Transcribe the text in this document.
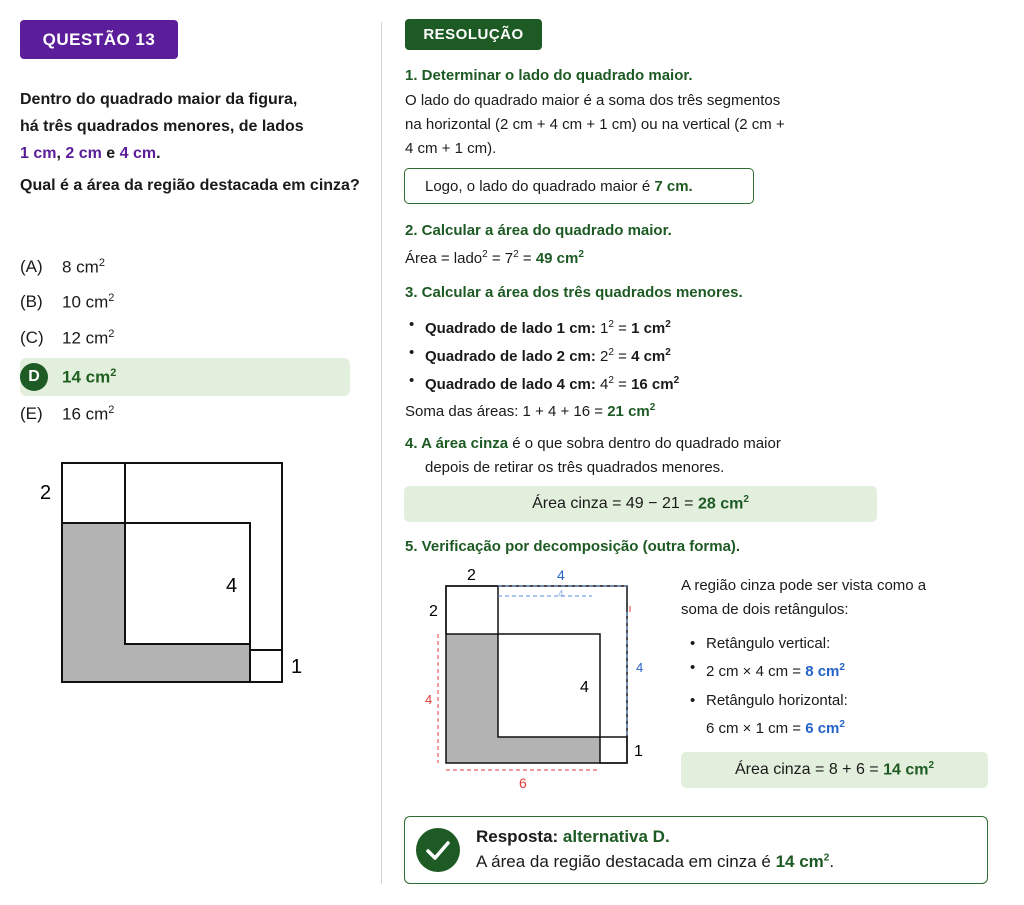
QUESTÃO 13
Dentro do quadrado maior da figura,
há três quadrados menores, de lados
1 cm, 2 cm e 4 cm.
Qual é a área da região destacada em cinza?
(A)	8 $cm^2$
(B)	10 $cm^2$
(C)	12 $cm^2$
D	14 $cm^2$
(E)	16 $cm^2$
2
4
1
RESOLUÇÃO
1. Determinar o lado do quadrado maior.
O lado do quadrado maior é a soma dos três segmentos
na horizontal (2 cm + 4 cm + 1 cm) ou na vertical (2 cm +
4 cm + 1 cm).
Logo, o lado do quadrado maior é 7 cm.
2. Calcular a área do quadrado maior.
Área = lado$^2$ = $7^2 = 49$ $cm^2$
3. Calcular a área dos três quadrados menores.
• Quadrado de lado 1 cm: $1^2 = 1$ $cm^2$
• Quadrado de lado 2 cm: $2^2 = 4$ $cm^2$
• Quadrado de lado 4 cm: $4^2 = 16$ $cm^2$
Soma das áreas: 1 + 4 + 16 = 21 $cm^2$
4. A área cinza é o que sobra dentro do quadrado maior
depois de retirar os três quadrados menores.
Área cinza = 49 − 21 = 28 $cm^2$
5. Verificação por decomposição (outra forma).
2	4
4
2
4
4
4
1
6
A região cinza pode ser vista como a
soma de dois retângulos:
• Retângulo vertical:
• 2 cm × 4 cm = 8 $cm^2$
• Retângulo horizontal:
6 cm × 1 cm = 6 $cm^2$
Área cinza = 8 + 6 = 14 $cm^2$
Resposta: alternativa D.
A área da região destacada em cinza é 14 $cm^2$.
